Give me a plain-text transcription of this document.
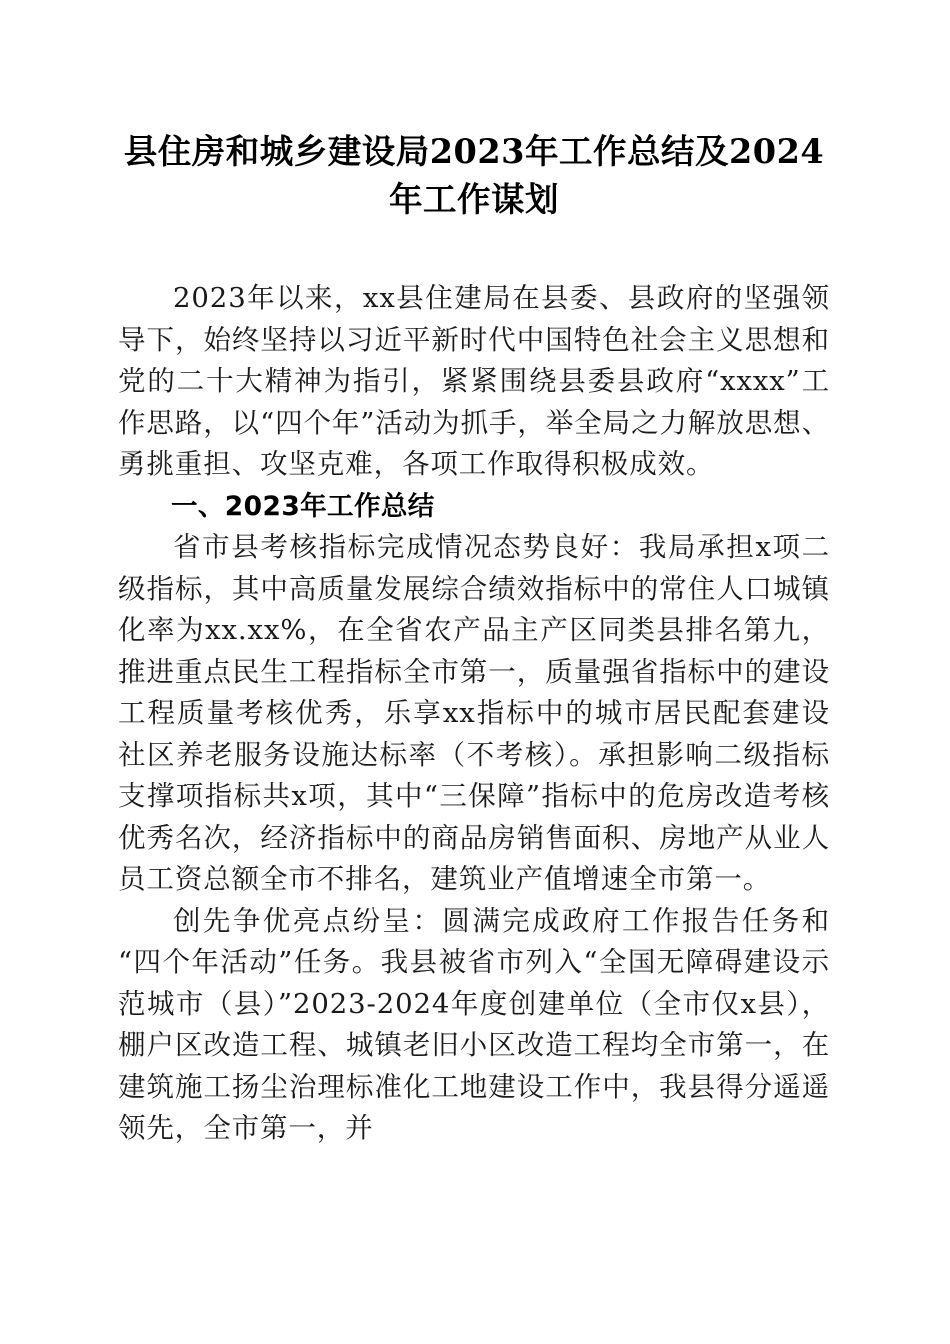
县住房和城乡建设局2023年工作总结及2024年工作谋划

2023年以来，xx县住建局在县委、县政府的坚强领导下，始终坚持以习近平新时代中国特色社会主义思想和党的二十大精神为指引，紧紧围绕县委县政府“xxxx”工作思路，以“四个年”活动为抓手，举全局之力解放思想、勇挑重担、攻坚克难，各项工作取得积极成效。

一、2023年工作总结

省市县考核指标完成情况态势良好：我局承担x项二级指标，其中高质量发展综合绩效指标中的常住人口城镇化率为xx.xx%，在全省农产品主产区同类县排名第九，推进重点民生工程指标全市第一，质量强省指标中的建设工程质量考核优秀，乐享xx指标中的城市居民配套建设社区养老服务设施达标率（不考核）。承担影响二级指标支撑项指标共x项，其中“三保障”指标中的危房改造考核优秀名次，经济指标中的商品房销售面积、房地产从业人员工资总额全市不排名，建筑业产值增速全市第一。

创先争优亮点纷呈：圆满完成政府工作报告任务和“四个年活动”任务。我县被省市列入“全国无障碍建设示范城市（县）”2023-2024年度创建单位（全市仅x县），棚户区改造工程、城镇老旧小区改造工程均全市第一，在建筑施工扬尘治理标准化工地建设工作中，我县得分遥遥领先，全市第一，并
